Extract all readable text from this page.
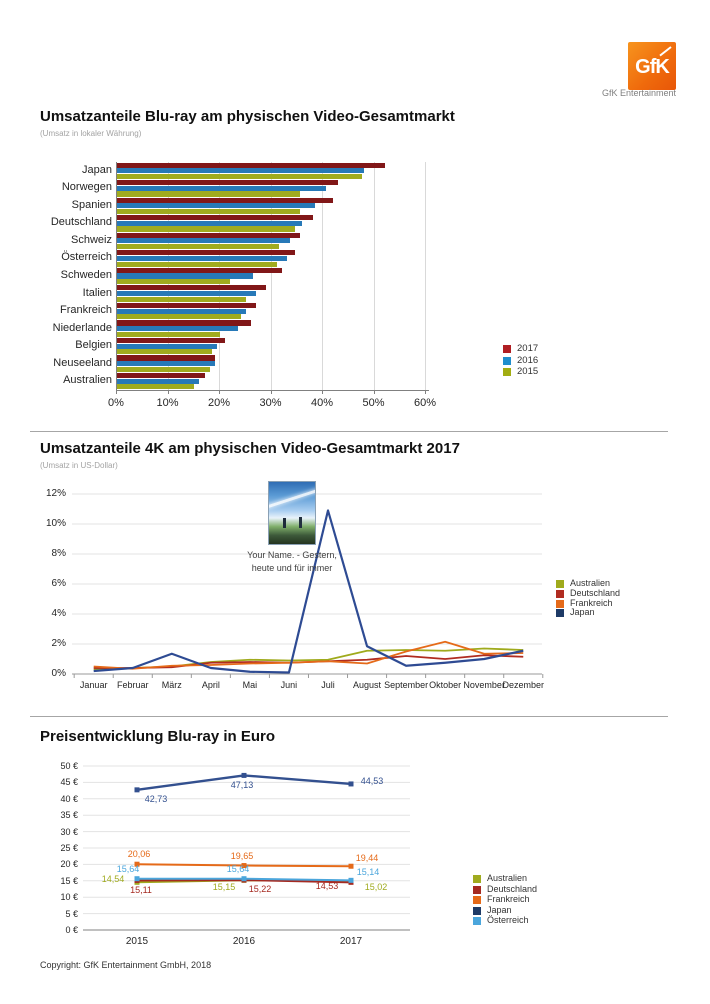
GfK
GfK Entertainment
Umsatzanteile Blu-ray am physischen Video-Gesamtmarkt
(Umsatz in lokaler Währung)
Japan
Norwegen
Spanien
Deutschland
Schweiz
Österreich
Schweden
Italien
Frankreich
Niederlande
Belgien
Neuseeland
Australien
0%	10%	20%	30%	40%	50%	60%
2017
2016
2015
Umsatzanteile 4K am physischen Video-Gesamtmarkt 2017
(Umsatz in US-Dollar)
0%
2%
4%
6%
8%
10%
12%
Januar	Februar	März	April	Mai	Juni	Juli	August September Oktober November
Dezember
Australien
Deutschland
Frankreich
Japan
Your Name. - Gestern,
heute und für immer
Preisentwicklung Blu-ray in Euro
14,54
15,15	15,02
15,11	15,22	14,53
20,06	19,65	19,44
42,73
47,13	44,53
15,64	15,64	15,14
0 €
5 €
10 €
15 €
20 €
25 €
30 €
35 €
40 €
45 €
50 €
2015	2016	2017
Australien
Deutschland
Frankreich
Japan
Österreich
Copyright: GfK Entertainment GmbH, 2018
